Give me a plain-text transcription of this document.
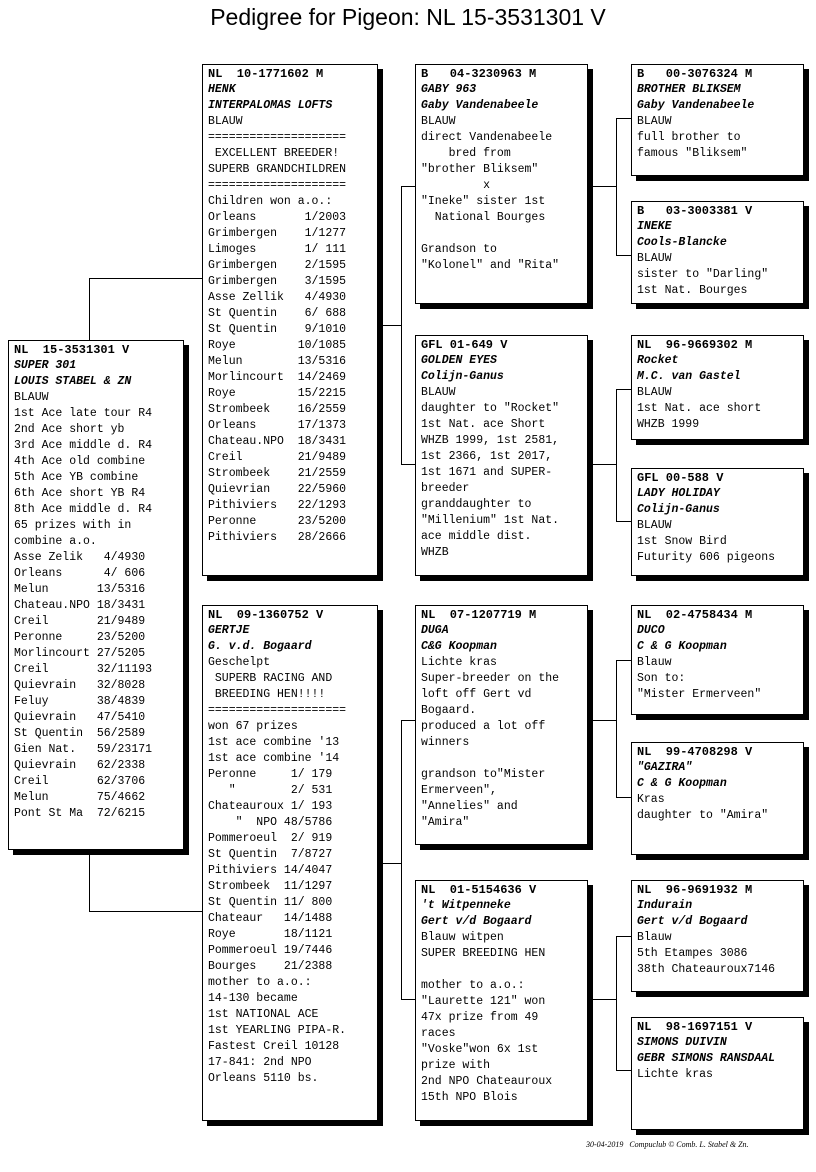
Pedigree for Pigeon: NL 15-3531301 V
NL  15-3531301 V
SUPER 301
LOUIS STABEL & ZN
BLAUW
1st Ace late tour R4
2nd Ace short yb
3rd Ace middle d. R4
4th Ace old combine
5th Ace YB combine
6th Ace short YB R4
8th Ace middle d. R4
65 prizes with in
combine a.o.
Asse Zelik   4/4930
Orleans      4/ 606
Melun       13/5316
Chateau.NPO 18/3431
Creil       21/9489
Peronne     23/5200
Morlincourt 27/5205
Creil       32/11193
Quievrain   32/8028
Feluy       38/4839
Quievrain   47/5410
St Quentin  56/2589
Gien Nat.   59/23171
Quievrain   62/2338
Creil       62/3706
Melun       75/4662
Pont St Ma  72/6215
NL  10-1771602 M
HENK
INTERPALOMAS LOFTS
BLAUW
====================
EXCELLENT BREEDER!
SUPERB GRANDCHILDREN
====================
Children won a.o.:
Orleans       1/2003
Grimbergen    1/1277
Limoges       1/ 111
Grimbergen    2/1595
Grimbergen    3/1595
Asse Zellik   4/4930
St Quentin    6/ 688
St Quentin    9/1010
Roye         10/1085
Melun        13/5316
Morlincourt  14/2469
Roye         15/2215
Strombeek    16/2559
Orleans      17/1373
Chateau.NPO  18/3431
Creil        21/9489
Strombeek    21/2559
Quievrian    22/5960
Pithiviers   22/1293
Peronne      23/5200
Pithiviers   28/2666
NL  09-1360752 V
GERTJE
G. v.d. Bogaard
Geschelpt
SUPERB RACING AND
BREEDING HEN!!!!
====================
won 67 prizes
1st ace combine '13
1st ace combine '14
Peronne     1/ 179
"        2/ 531
Chateauroux 1/ 193
"  NPO 48/5786
Pommeroeul  2/ 919
St Quentin  7/8727
Pithiviers 14/4047
Strombeek  11/1297
St Quentin 11/ 800
Chateaur   14/1488
Roye       18/1121
Pommeroeul 19/7446
Bourges    21/2388
mother to a.o.:
14-130 became
1st NATIONAL ACE
1st YEARLING PIPA-R.
Fastest Creil 10128
17-841: 2nd NPO
Orleans 5110 bs.
B   04-3230963 M
GABY 963
Gaby Vandenabeele
BLAUW
direct Vandenabeele
bred from
"brother Bliksem"
x
"Ineke" sister 1st
National Bourges

Grandson to
"Kolonel" and "Rita"
GFL 01-649 V
GOLDEN EYES
Colijn-Ganus
BLAUW
daughter to "Rocket"
1st Nat. ace Short
WHZB 1999, 1st 2581,
1st 2366, 1st 2017,
1st 1671 and SUPER-
breeder
granddaughter to
"Millenium" 1st Nat.
ace middle dist.
WHZB
NL  07-1207719 M
DUGA
C&G Koopman
Lichte kras
Super-breeder on the
loft off Gert vd
Bogaard.
produced a lot off
winners

grandson to"Mister
Ermerveen",
"Annelies" and
"Amira"
NL  01-5154636 V
't Witpenneke
Gert v/d Bogaard
Blauw witpen
SUPER BREEDING HEN

mother to a.o.:
"Laurette 121" won
47x prize from 49
races
"Voske"won 6x 1st
prize with
2nd NPO Chateauroux
15th NPO Blois
B   00-3076324 M
BROTHER BLIKSEM
Gaby Vandenabeele
BLAUW
full brother to
famous "Bliksem"
B   03-3003381 V
INEKE
Cools-Blancke
BLAUW
sister to "Darling"
1st Nat. Bourges
NL  96-9669302 M
Rocket
M.C. van Gastel
BLAUW
1st Nat. ace short
WHZB 1999
GFL 00-588 V
LADY HOLIDAY
Colijn-Ganus
BLAUW
1st Snow Bird
Futurity 606 pigeons
NL  02-4758434 M
DUCO
C & G Koopman
Blauw
Son to:
"Mister Ermerveen"
NL  99-4708298 V
"GAZIRA"
C & G Koopman
Kras
daughter to "Amira"
NL  96-9691932 M
Indurain
Gert v/d Bogaard
Blauw
5th Etampes 3086
38th Chateauroux7146
NL  98-1697151 V
SIMONS DUIVIN
GEBR SIMONS RANSDAAL
Lichte kras
30-04-2019 Compuclub © Comb. L. Stabel & Zn.
